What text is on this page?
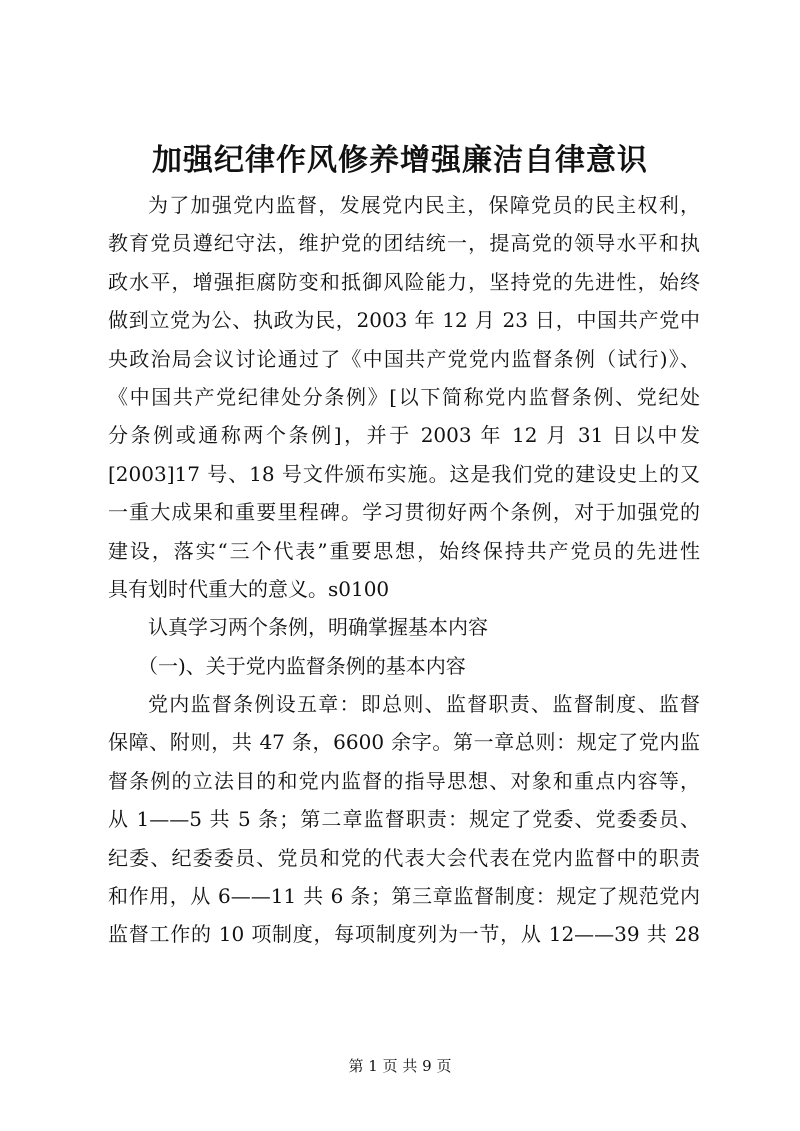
加强纪律作风修养增强廉洁自律意识
为了加强党内监督，发展党内民主，保障党员的民主权利，
教育党员遵纪守法，维护党的团结统一，提高党的领导水平和执
政水平，增强拒腐防变和抵御风险能力，坚持党的先进性，始终
做到立党为公、执政为民，2003 年 12 月 23 日，中国共产党中
央政治局会议讨论通过了《中国共产党党内监督条例（试行)》、
《中国共产党纪律处分条例》[以下简称党内监督条例、党纪处
分条例或通称两个条例]，并于 2003 年 12 月 31 日以中发
[2003]17 号、18 号文件颁布实施。这是我们党的建设史上的又
一重大成果和重要里程碑。学习贯彻好两个条例，对于加强党的
建设，落实“三个代表”重要思想，始终保持共产党员的先进性
具有划时代重大的意义。s0100
认真学习两个条例，明确掌握基本内容
（一)、关于党内监督条例的基本内容
党内监督条例设五章：即总则、监督职责、监督制度、监督
保障、附则，共 47 条，6600 余字。第一章总则：规定了党内监
督条例的立法目的和党内监督的指导思想、对象和重点内容等，
从 1——5 共 5 条；第二章监督职责：规定了党委、党委委员、
纪委、纪委委员、党员和党的代表大会代表在党内监督中的职责
和作用，从 6——11 共 6 条；第三章监督制度：规定了规范党内
监督工作的 10 项制度，每项制度列为一节，从 12——39 共 28
第 1 页 共 9 页
